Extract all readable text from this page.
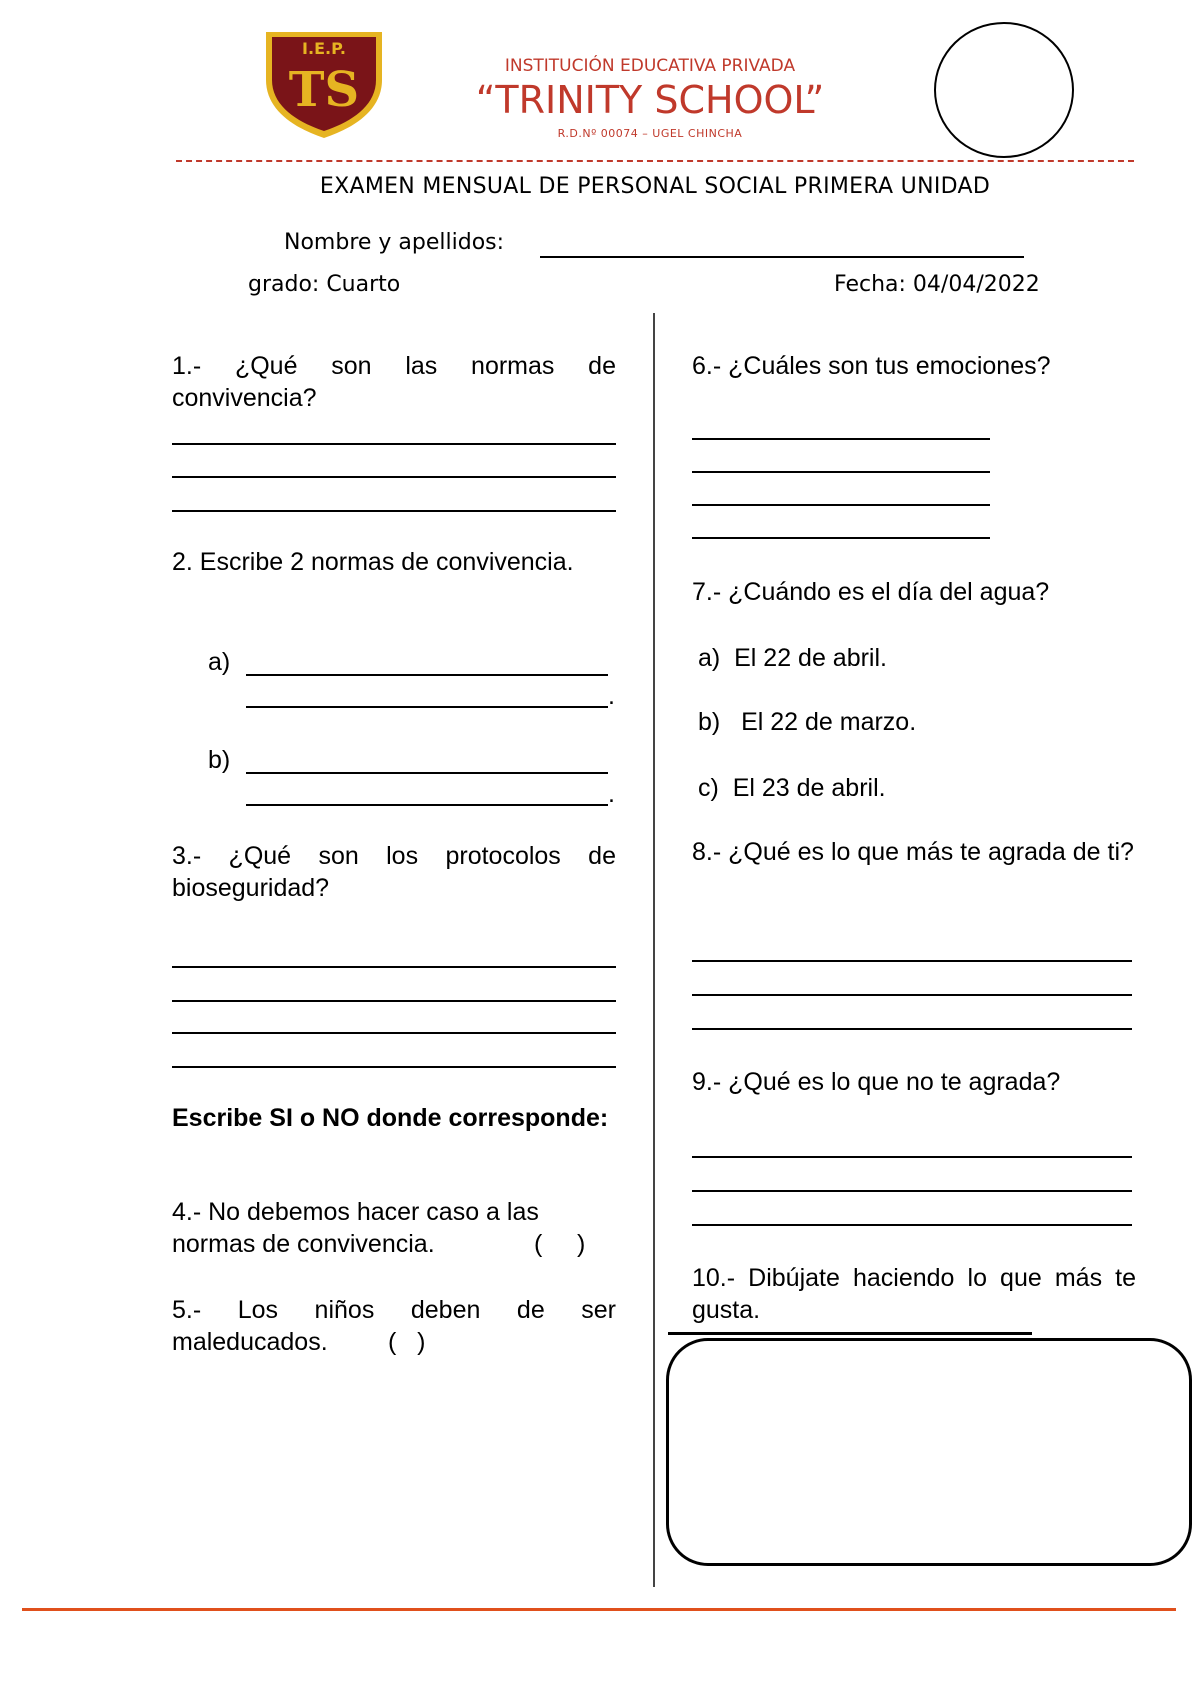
I.E.P.
TS	INSTITUCIÓN EDUCATIVA PRIVADA
“TRINITY SCHOOL”
R.D.Nº 00074 – UGEL CHINCHA
EXAMEN MENSUAL DE PERSONAL SOCIAL PRIMERA UNIDAD
Nombre y apellidos:
grado: Cuarto	Fecha: 04/04/2022
1.- ¿Qué son las normas de convivencia?
2. Escribe 2 normas de convivencia.
a)
.
b)
.
3.- ¿Qué son los protocolos de bioseguridad?
Escribe SI o NO donde corresponde:
4.- No debemos hacer caso a las normas de convivencia.	(     )
5.- Los niños deben de ser maleducados.	(   )
6.- ¿Cuáles son tus emociones?
7.- ¿Cuándo es el día del agua?
a)  El 22 de abril.
b)   El 22 de marzo.
c)  El 23 de abril.
8.- ¿Qué es lo que más te agrada de ti?
9.- ¿Qué es lo que no te agrada?
10.- Dibújate haciendo lo que más te gusta.
